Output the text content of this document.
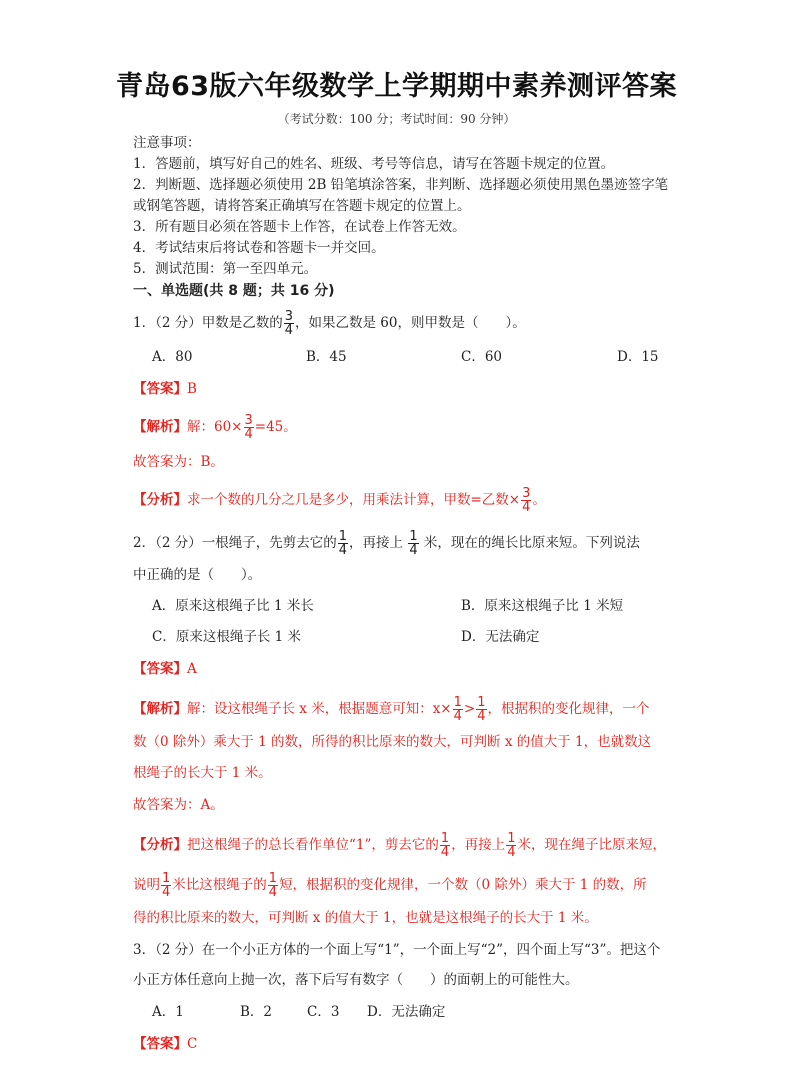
青岛63版六年级数学上学期期中素养测评答案
（考试分数：100 分；考试时间：90 分钟）
注意事项：
1．答题前，填写好自己的姓名、班级、考号等信息，请写在答题卡规定的位置。
2．判断题、选择题必须使用 2B 铅笔填涂答案，非判断、选择题必须使用黑色墨迹签字笔
或钢笔答题，请将答案正确填写在答题卡规定的位置上。
3．所有题目必须在答题卡上作答，在试卷上作答无效。
4．考试结束后将试卷和答题卡一并交回。
5．测试范围：第一至四单元。
一、单选题(共 8 题；共 16 分)
1．（2 分）甲数是乙数的 $\frac{3}{4}$ ，如果乙数是 60，则甲数是（　　）。
A．80	B．45	C．60	D．15
【答案】B
【解析】解：$60\times \frac{3}{4} =45$。
故答案为：B。
【分析】求一个数的几分之几是多少，用乘法计算，甲数=乙数× $\frac{3}{4}$ 。
2．（2 分）一根绳子，先剪去它的 $\frac{1}{4}$ ，再接上 $\frac{1}{4}$ 米，现在的绳长比原来短。下列说法
中正确的是（　　）。
A．原来这根绳子比 1 米长	B．原来这根绳子比 1 米短
C．原来这根绳子长 1 米	D．无法确定
【答案】A
【解析】解：设这根绳子长 x 米，根据题意可知：$x\times \frac{1}{4} > \frac{1}{4}$ ，根据积的变化规律，一个
数（0 除外）乘大于 1 的数，所得的积比原来的数大，可判断 x 的值大于 1，也就数这
根绳子的长大于 1 米。
故答案为：A。
【分析】把这根绳子的总长看作单位“1”，剪去它的 $\frac{1}{4}$ ，再接上 $\frac{1}{4}$ 米，现在绳子比原来短，
说明 $\frac{1}{4}$ 米比这根绳子的 $\frac{1}{4}$ 短，根据积的变化规律，一个数（0 除外）乘大于 1 的数，所
得的积比原来的数大，可判断 x 的值大于 1，也就是这根绳子的长大于 1 米。
3．（2 分）在一个小正方体的一个面上写“1”，一个面上写“2”，四个面上写“3”。把这个
小正方体任意向上抛一次，落下后写有数字（　　）的面朝上的可能性大。
A．1	B．2	C．3 D．无法确定
【答案】C
